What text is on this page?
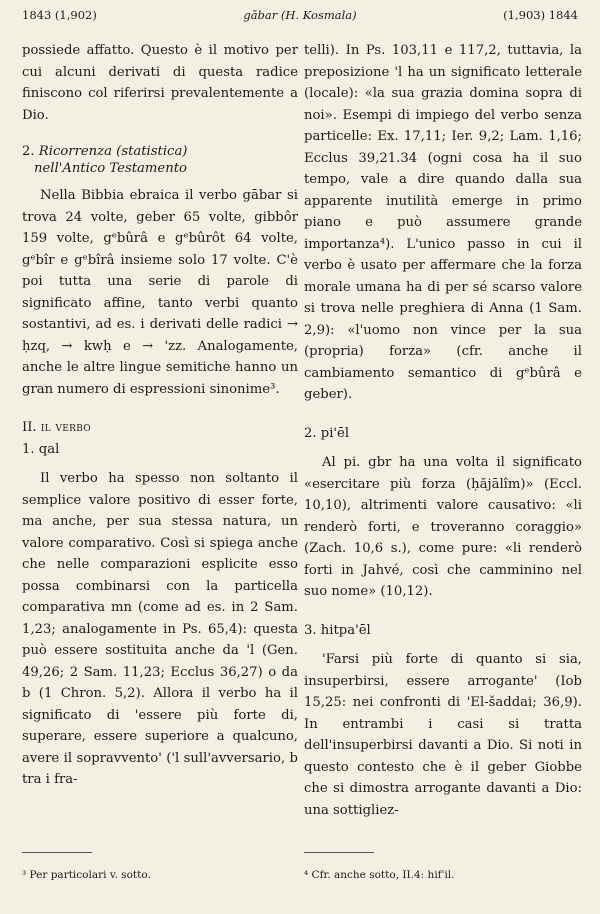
1843 (1,902)	gābar (H. Kosmala)	(1,903) 1844

possiede affatto. Questo è il motivo per cui alcuni derivati di questa radice finiscono col riferirsi prevalentemente a Dio.

2. Ricorrenza (statistica)
nell'Antico Testamento

Nella Bibbia ebraica il verbo gābar si trova 24 volte, geber 65 volte, gibbôr 159 volte, gᵉbûrâ e gᵉbûrôt 64 volte, gᵉbîr e gᵉbîrâ insieme solo 17 volte. C'è poi tutta una serie di parole di significato affine, tanto verbi quanto sostantivi, ad es. i derivati delle radici → ḥzq, → kwḥ e → 'zz. Analogamente, anche le altre lingue semitiche hanno un gran numero di espressioni sinonime³.

II. il verbo

1. qal

Il verbo ha spesso non soltanto il semplice valore positivo di esser forte, ma anche, per sua stessa natura, un valore comparativo. Così si spiega anche che nelle comparazioni esplicite esso possa combinarsi con la particella comparativa mn (come ad es. in 2 Sam. 1,23; analogamente in Ps. 65,4): questa può essere sostituita anche da 'l (Gen. 49,26; 2 Sam. 11,23; Ecclus 36,27) o da b (1 Chron. 5,2). Allora il verbo ha il significato di 'essere più forte di, superare, essere superiore a qualcuno, avere il sopravvento' ('l sull'avversario, b tra i fra-

telli). In Ps. 103,11 e 117,2, tuttavia, la preposizione 'l ha un significato letterale (locale): «la sua grazia domina sopra di noi». Esempi di impiego del verbo senza particelle: Ex. 17,11; Ier. 9,2; Lam. 1,16; Ecclus 39,21.34 (ogni cosa ha il suo tempo, vale a dire quando dalla sua apparente inutilità emerge in primo piano e può assumere grande importanza⁴). L'unico passo in cui il verbo è usato per affermare che la forza morale umana ha di per sé scarso valore si trova nelle preghiera di Anna (1 Sam. 2,9): «l'uomo non vince per la sua (propria) forza» (cfr. anche il cambiamento semantico di gᵉbûrâ e geber).

2. pi'ēl

Al pi. gbr ha una volta il significato «esercitare più forza (ḥăjālîm)» (Eccl. 10,10), altrimenti valore causativo: «li renderò forti, e troveranno coraggio» (Zach. 10,6 s.), come pure: «li renderò forti in Jahvé, così che camminino nel suo nome» (10,12).

3. hitpa'ēl

'Farsi più forte di quanto si sia, insuperbirsi, essere arrogante' (Iob 15,25: nei confronti di 'El-šaddai; 36,9). In entrambi i casi si tratta dell'insuperbirsi davanti a Dio. Si noti in questo contesto che è il geber Giobbe che si dimostra arrogante davanti a Dio: una sottigliez-

³ Per particolari v. sotto.	⁴ Cfr. anche sotto, II.4: hif'il.
